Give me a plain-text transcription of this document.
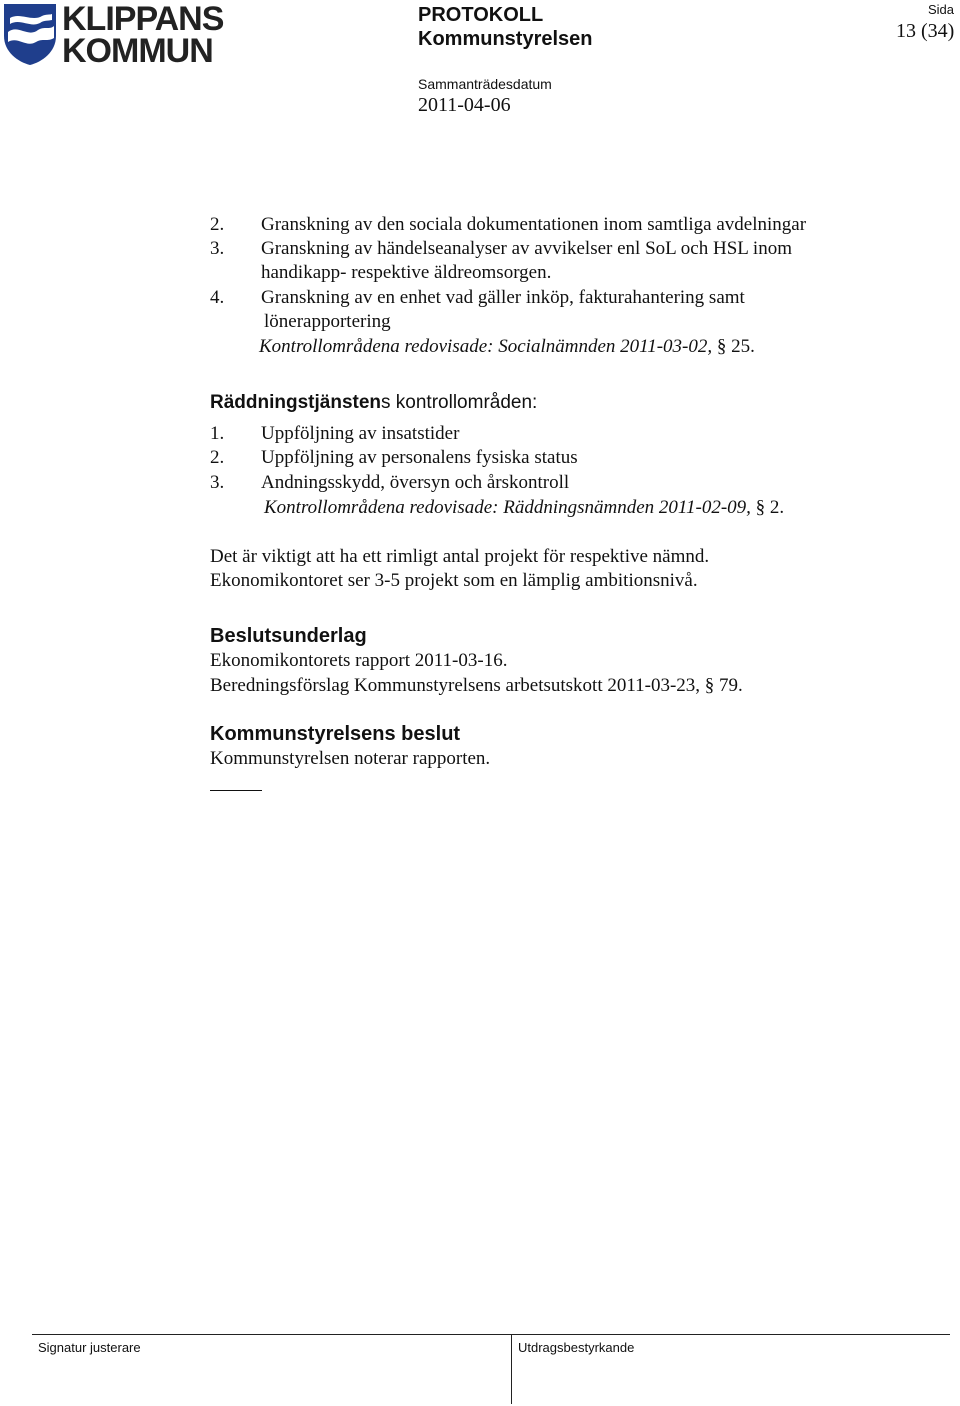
KLIPPANS
KOMMUN
PROTOKOLL
Kommunstyrelsen
Sida
13 (34)
Sammanträdesdatum
2011-04-06
2. Granskning av den sociala dokumentationen inom samtliga avdelningar
3. Granskning av händelseanalyser av avvikelser enl SoL och HSL inom
handikapp- respektive äldreomsorgen.
4. Granskning av en enhet vad gäller inköp, fakturahantering samt
lönerapportering
Kontrollområdena redovisade: Socialnämnden 2011-03-02, § 25.
Räddningstjänstens kontrollområden:
1. Uppföljning av insatstider
2. Uppföljning av personalens fysiska status
3. Andningsskydd, översyn och årskontroll
Kontrollområdena redovisade: Räddningsnämnden 2011-02-09, § 2.
Det är viktigt att ha ett rimligt antal projekt för respektive nämnd.
Ekonomikontoret ser 3-5 projekt som en lämplig ambitionsnivå.
Beslutsunderlag
Ekonomikontorets rapport 2011-03-16.
Beredningsförslag Kommunstyrelsens arbetsutskott 2011-03-23, § 79.
Kommunstyrelsens beslut
Kommunstyrelsen noterar rapporten.
Signatur justerare	Utdragsbestyrkande
